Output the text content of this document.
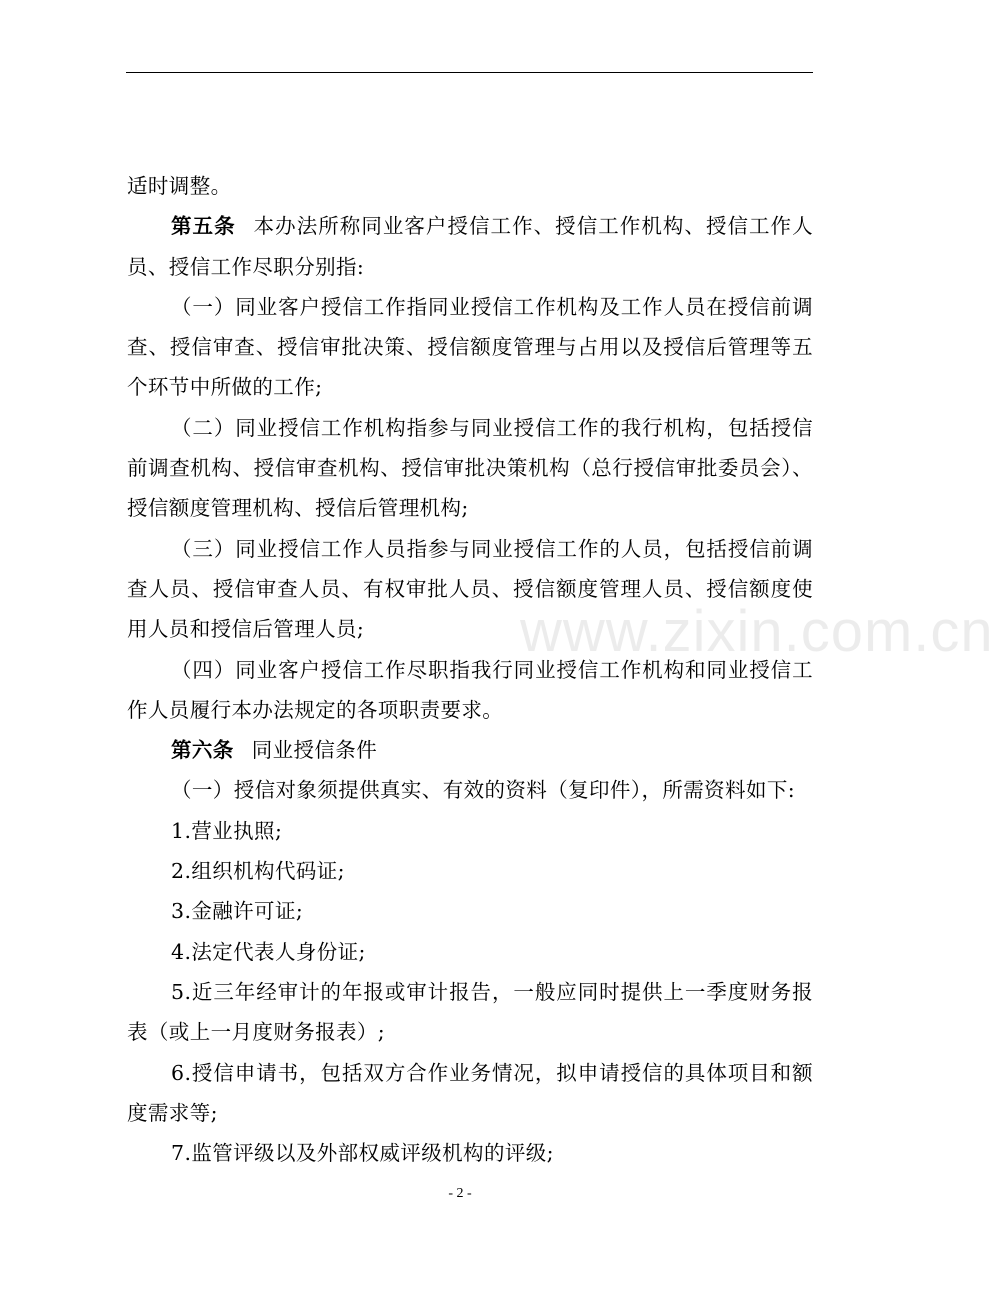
适时调整。

第五条 本办法所称同业客户授信工作、授信工作机构、授信工作人员、授信工作尽职分别指:

（一）同业客户授信工作指同业授信工作机构及工作人员在授信前调查、授信审查、授信审批决策、授信额度管理与占用以及授信后管理等五个环节中所做的工作;

（二）同业授信工作机构指参与同业授信工作的我行机构，包括授信前调查机构、授信审查机构、授信审批决策机构（总行授信审批委员会）、授信额度管理机构、授信后管理机构;

（三）同业授信工作人员指参与同业授信工作的人员，包括授信前调查人员、授信审查人员、有权审批人员、授信额度管理人员、授信额度使用人员和授信后管理人员;

（四）同业客户授信工作尽职指我行同业授信工作机构和同业授信工作人员履行本办法规定的各项职责要求。

第六条 同业授信条件

（一）授信对象须提供真实、有效的资料（复印件），所需资料如下:

1.营业执照;

2.组织机构代码证;

3.金融许可证;

4.法定代表人身份证;

5.近三年经审计的年报或审计报告，一般应同时提供上一季度财务报表（或上一月度财务报表）;

6.授信申请书，包括双方合作业务情况，拟申请授信的具体项目和额度需求等;

7.监管评级以及外部权威评级机构的评级;

www.zixin.com.cn
- 2 -
